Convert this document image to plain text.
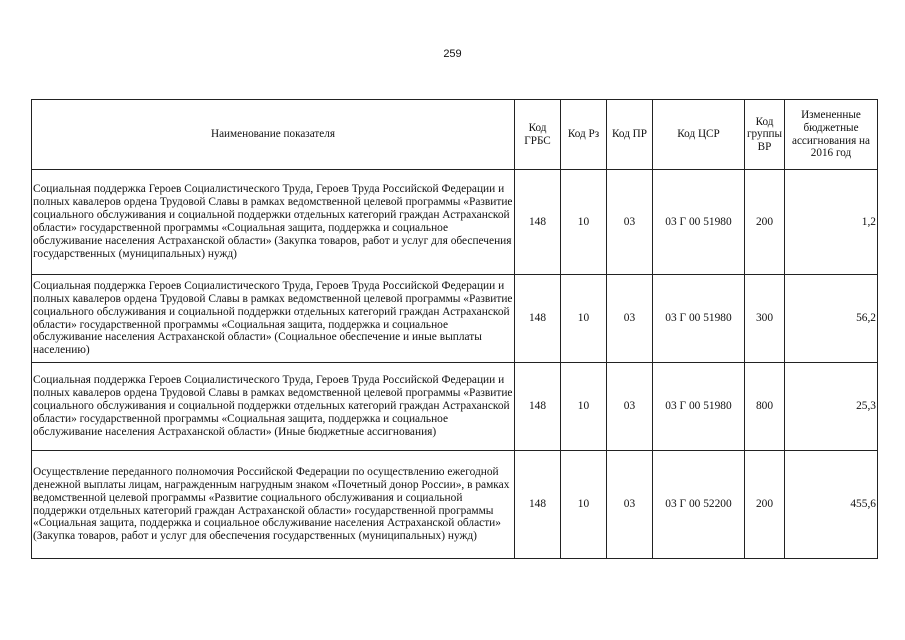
259
Наименование показателя	Код ГРБС	Код Рз	Код ПР	Код ЦСР	Код группы ВР	Измененные бюджетные ассигнования на 2016 год
Социальная поддержка Героев Социалистического Труда, Героев Труда Российской Федерации и полных кавалеров ордена Трудовой Славы в рамках ведомственной целевой программы «Развитие социального обслуживания и социальной поддержки отдельных категорий граждан Астраханской области» государственной программы «Социальная защита, поддержка и социальное обслуживание населения Астраханской области» (Закупка товаров, работ и услуг для обеспечения государственных (муниципальных) нужд)	148	10	03	03 Г 00 51980	200	1,2
Социальная поддержка Героев Социалистического Труда, Героев Труда Российской Федерации и полных кавалеров ордена Трудовой Славы в рамках ведомственной целевой программы «Развитие социального обслуживания и социальной поддержки отдельных категорий граждан Астраханской области» государственной программы «Социальная защита, поддержка и социальное обслуживание населения Астраханской области» (Социальное обеспечение и иные выплаты населению)	148	10	03	03 Г 00 51980	300	56,2
Социальная поддержка Героев Социалистического Труда, Героев Труда Российской Федерации и полных кавалеров ордена Трудовой Славы в рамках ведомственной целевой программы «Развитие социального обслуживания и социальной поддержки отдельных категорий граждан Астраханской области» государственной программы «Социальная защита, поддержка и социальное обслуживание населения Астраханской области» (Иные бюджетные ассигнования)	148	10	03	03 Г 00 51980	800	25,3
Осуществление переданного полномочия Российской Федерации по осуществлению ежегодной денежной выплаты лицам, награжденным нагрудным знаком «Почетный донор России», в рамках ведомственной целевой программы «Развитие социального обслуживания и социальной поддержки отдельных категорий граждан Астраханской области» государственной программы «Социальная защита, поддержка и социальное обслуживание населения Астраханской области» (Закупка товаров, работ и услуг для обеспечения государственных (муниципальных) нужд)	148	10	03	03 Г 00 52200	200	455,6
